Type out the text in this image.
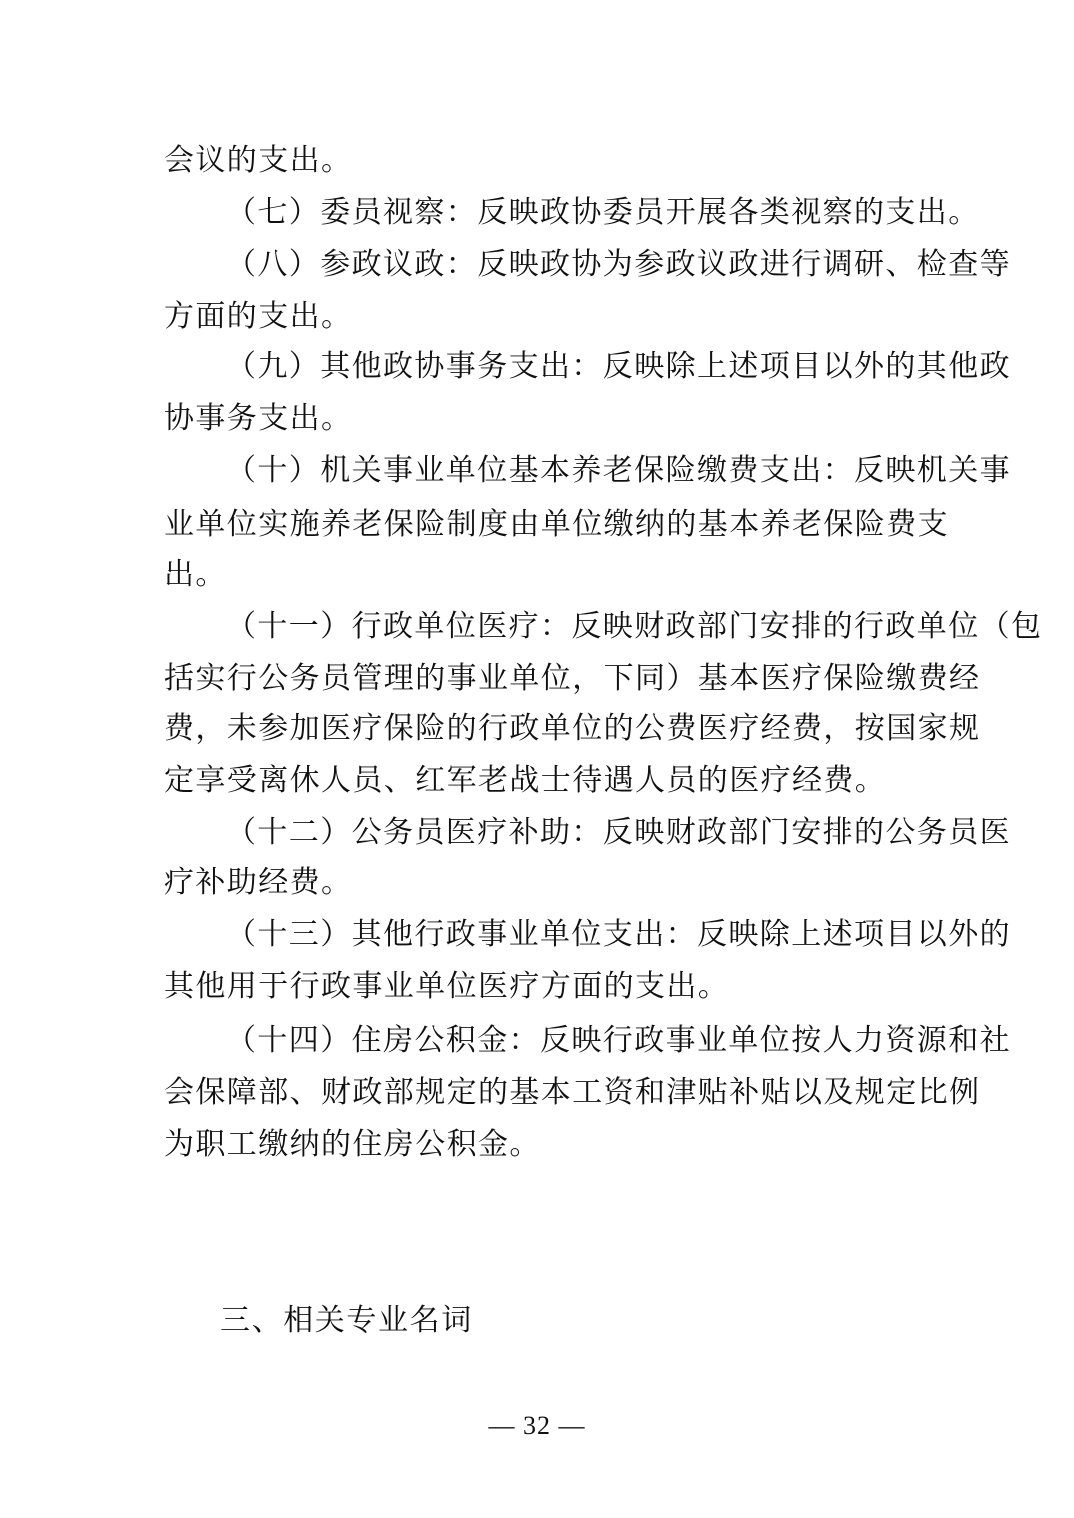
会议的支出。
（七）委员视察：反映政协委员开展各类视察的支出。
（八）参政议政：反映政协为参政议政进行调研、检查等
方面的支出。
（九）其他政协事务支出：反映除上述项目以外的其他政
协事务支出。
（十）机关事业单位基本养老保险缴费支出：反映机关事
业单位实施养老保险制度由单位缴纳的基本养老保险费支
出。
（十一）行政单位医疗：反映财政部门安排的行政单位（包
括实行公务员管理的事业单位，下同）基本医疗保险缴费经
费，未参加医疗保险的行政单位的公费医疗经费，按国家规
定享受离休人员、红军老战士待遇人员的医疗经费。
（十二）公务员医疗补助：反映财政部门安排的公务员医
疗补助经费。
（十三）其他行政事业单位支出：反映除上述项目以外的
其他用于行政事业单位医疗方面的支出。
（十四）住房公积金：反映行政事业单位按人力资源和社
会保障部、财政部规定的基本工资和津贴补贴以及规定比例
为职工缴纳的住房公积金。
三、相关专业名词
— 32 —
